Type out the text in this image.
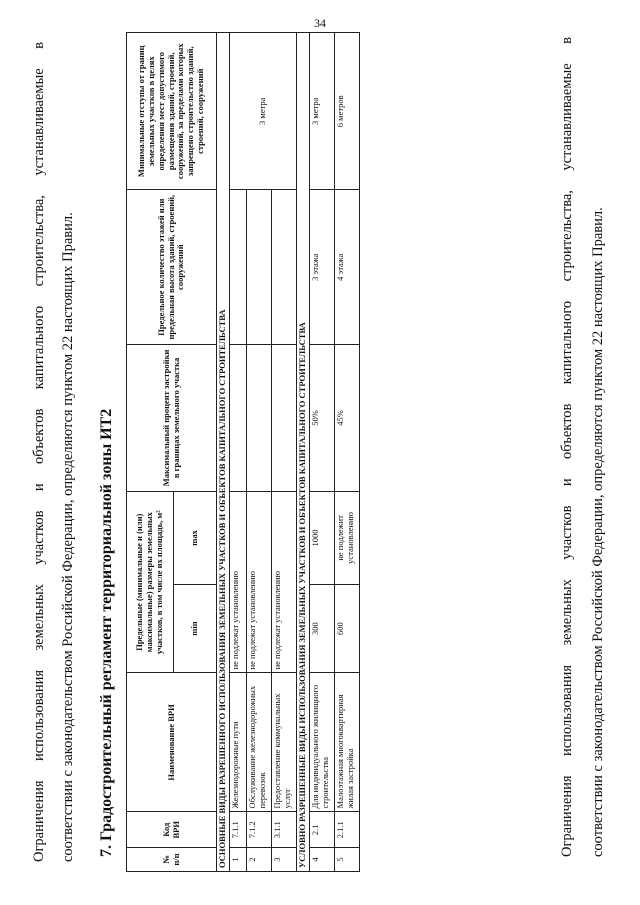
34

Ограничения использования земельных участков и объектов капитального строительства, устанавливаемые в соответствии с законодательством Российской Федерации, определяются пунктом 22 настоящих Правил. 7. Градостроительный регламент территориальной зоны ИТ2
№ п/п	Код ВРИ	Наименование ВРИ	Предельные (минимальные и (или) максимальные) размеры земельных участков, в том числе их площадь, м²		Максимальный процент застройки в границах земельного участка	Предельное количество этажей или предельная высота зданий, строений, сооружений	Минимальные отступы от границ земельных участков в целях определения мест допустимого размещения зданий, строений, сооружений, за пределами которых запрещено строительство зданий, строений, сооружений
			min	max			
ОСНОВНЫЕ ВИДЫ РАЗРЕШЕННОГО ИСПОЛЬЗОВАНИЯ ЗЕМЕЛЬНЫХ УЧАСТКОВ И ОБЪЕКТОВ КАПИТАЛЬНОГО СТРОИТЕЛЬСТВА							
1	7.1.1	Железнодорожные пути	не подлежат установлению				3 метра
2	7.1.2	Обслуживание железнодорожных перевозок	не подлежат установлению				
3	3.1.1	Предоставление коммунальных услуг	не подлежат установлению				
УСЛОВНО РАЗРЕШЕННЫЕ ВИДЫ ИСПОЛЬЗОВАНИЯ ЗЕМЕЛЬНЫХ УЧАСТКОВ И ОБЪЕКТОВ КАПИТАЛЬНОГО СТРОИТЕЛЬСТВА							
4	2.1	Для индивидуального жилищного строительства	300	1000	50%	3 этажа	3 метра
5	2.1.1	Малоэтажная многоквартирная жилая застройка	600	не подлежит установлению	45%	4 этажа	6 метров	Ограничения использования земельных участков и объектов капитального строительства, устанавливаемые в соответствии с законодательством Российской Федерации, определяются пунктом 22 настоящих Правил.
